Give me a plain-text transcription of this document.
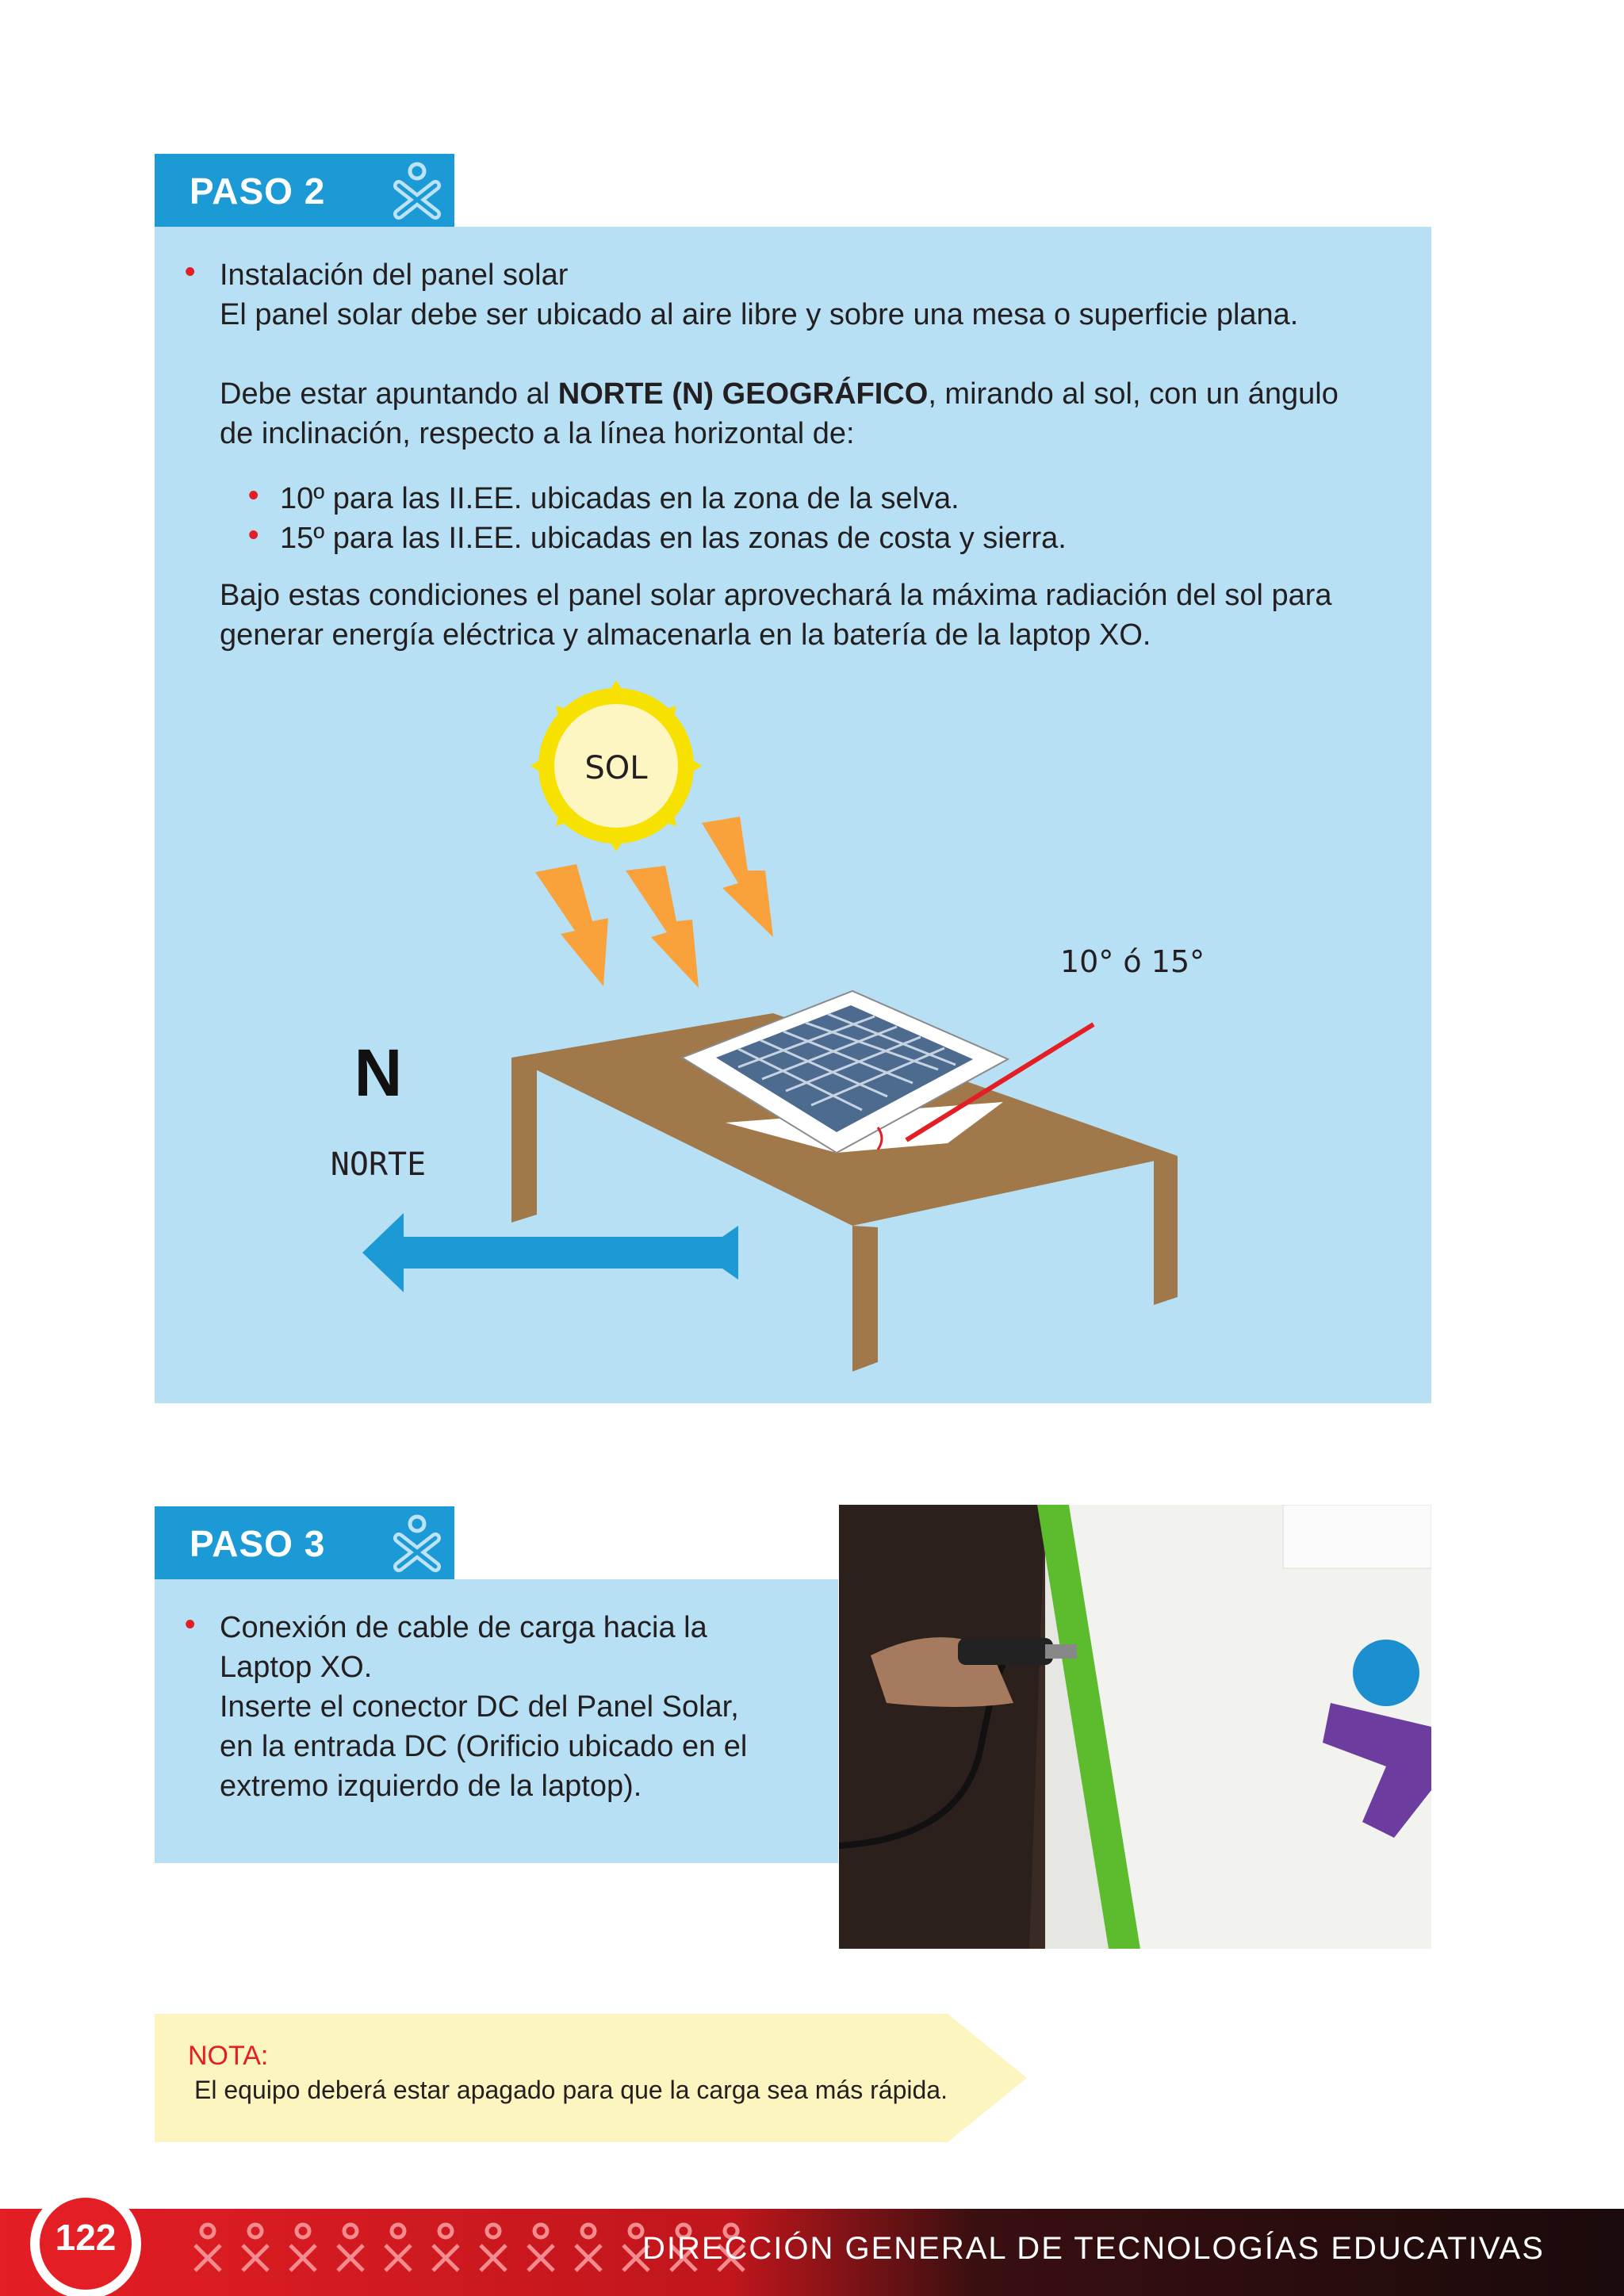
PASO 2
• Instalación del panel solar
El panel solar debe ser ubicado al aire libre y sobre una mesa o superficie plana.
Debe estar apuntando al NORTE (N) GEOGRÁFICO, mirando al sol, con un ángulo
de inclinación, respecto a la línea horizontal de:
• 10º para las II.EE. ubicadas en la zona de la selva.
• 15º para las II.EE. ubicadas en las zonas de costa y sierra.
Bajo estas condiciones el panel solar aprovechará la máxima radiación del sol para
generar energía eléctrica y almacenarla en la batería de la laptop XO.
SOL
10° ó 15°
N
NORTE
PASO 3
• Conexión de cable de carga hacia la
Laptop XO.
Inserte el conector DC del Panel Solar,
en la entrada DC (Orificio ubicado en el
extremo izquierdo de la laptop).
NOTA:
El equipo deberá estar apagado para que la carga sea más rápida.
DIRECCIÓN GENERAL DE TECNOLOGÍAS EDUCATIVAS
122
